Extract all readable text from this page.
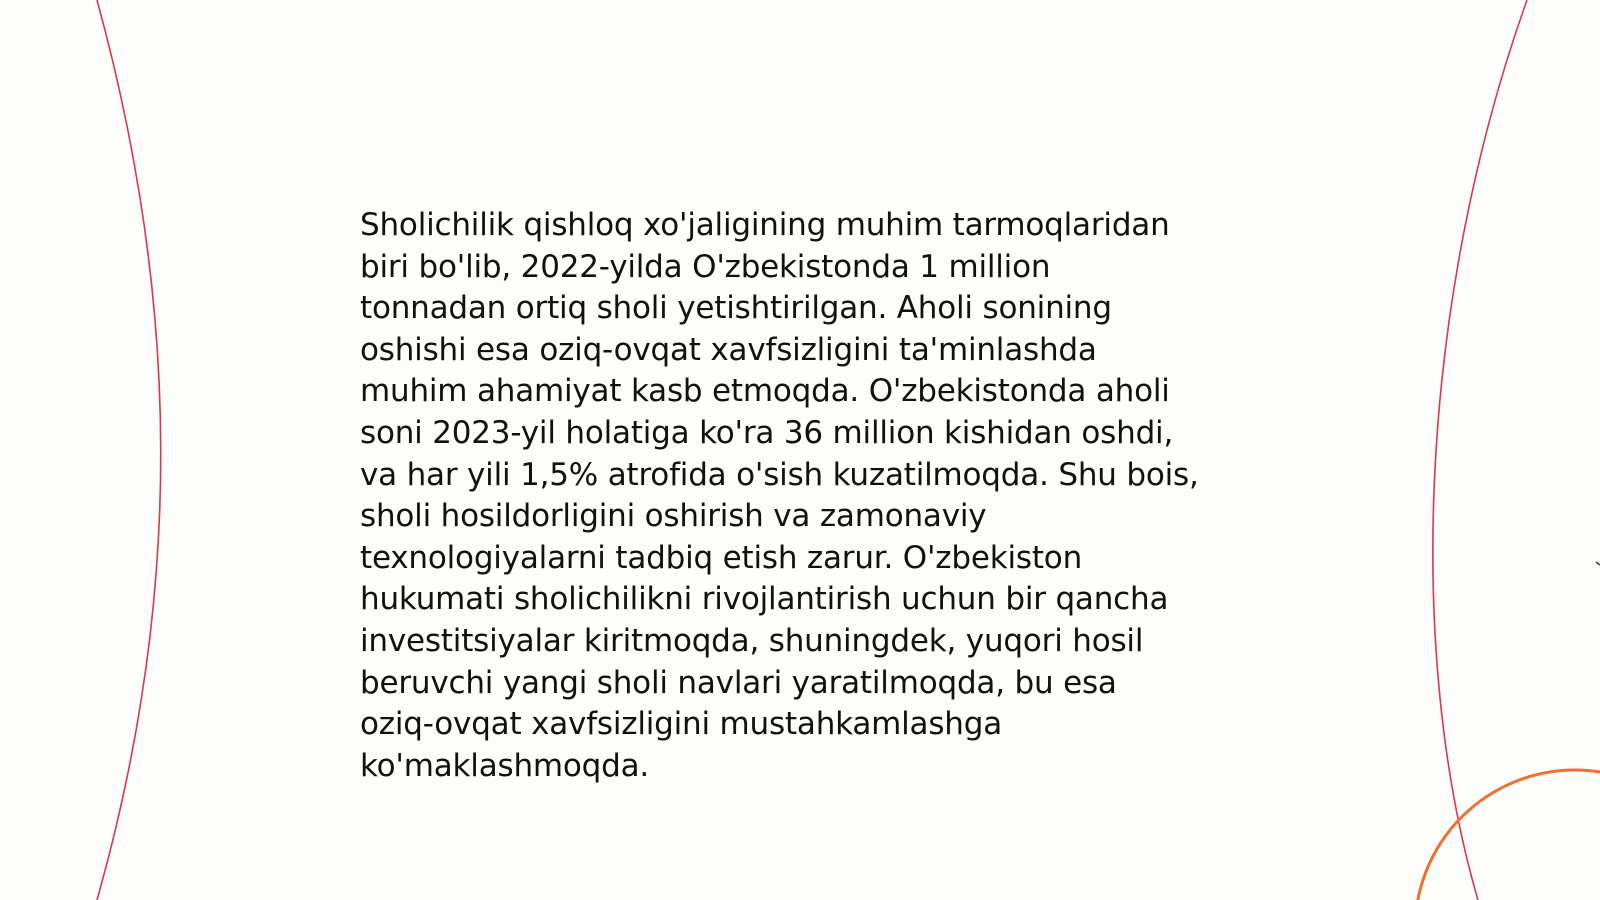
Sholichilik qishloq xo'jaligining muhim tarmoqlaridan
biri bo'lib, 2022-yilda O'zbekistonda 1 million
tonnadan ortiq sholi yetishtirilgan. Aholi sonining
oshishi esa oziq-ovqat xavfsizligini ta'minlashda
muhim ahamiyat kasb etmoqda. O'zbekistonda aholi
soni 2023-yil holatiga ko'ra 36 million kishidan oshdi,
va har yili 1,5% atrofida o'sish kuzatilmoqda. Shu bois,
sholi hosildorligini oshirish va zamonaviy
texnologiyalarni tadbiq etish zarur. O'zbekiston
hukumati sholichilikni rivojlantirish uchun bir qancha
investitsiyalar kiritmoqda, shuningdek, yuqori hosil
beruvchi yangi sholi navlari yaratilmoqda, bu esa
oziq-ovqat xavfsizligini mustahkamlashga
ko'maklashmoqda.
